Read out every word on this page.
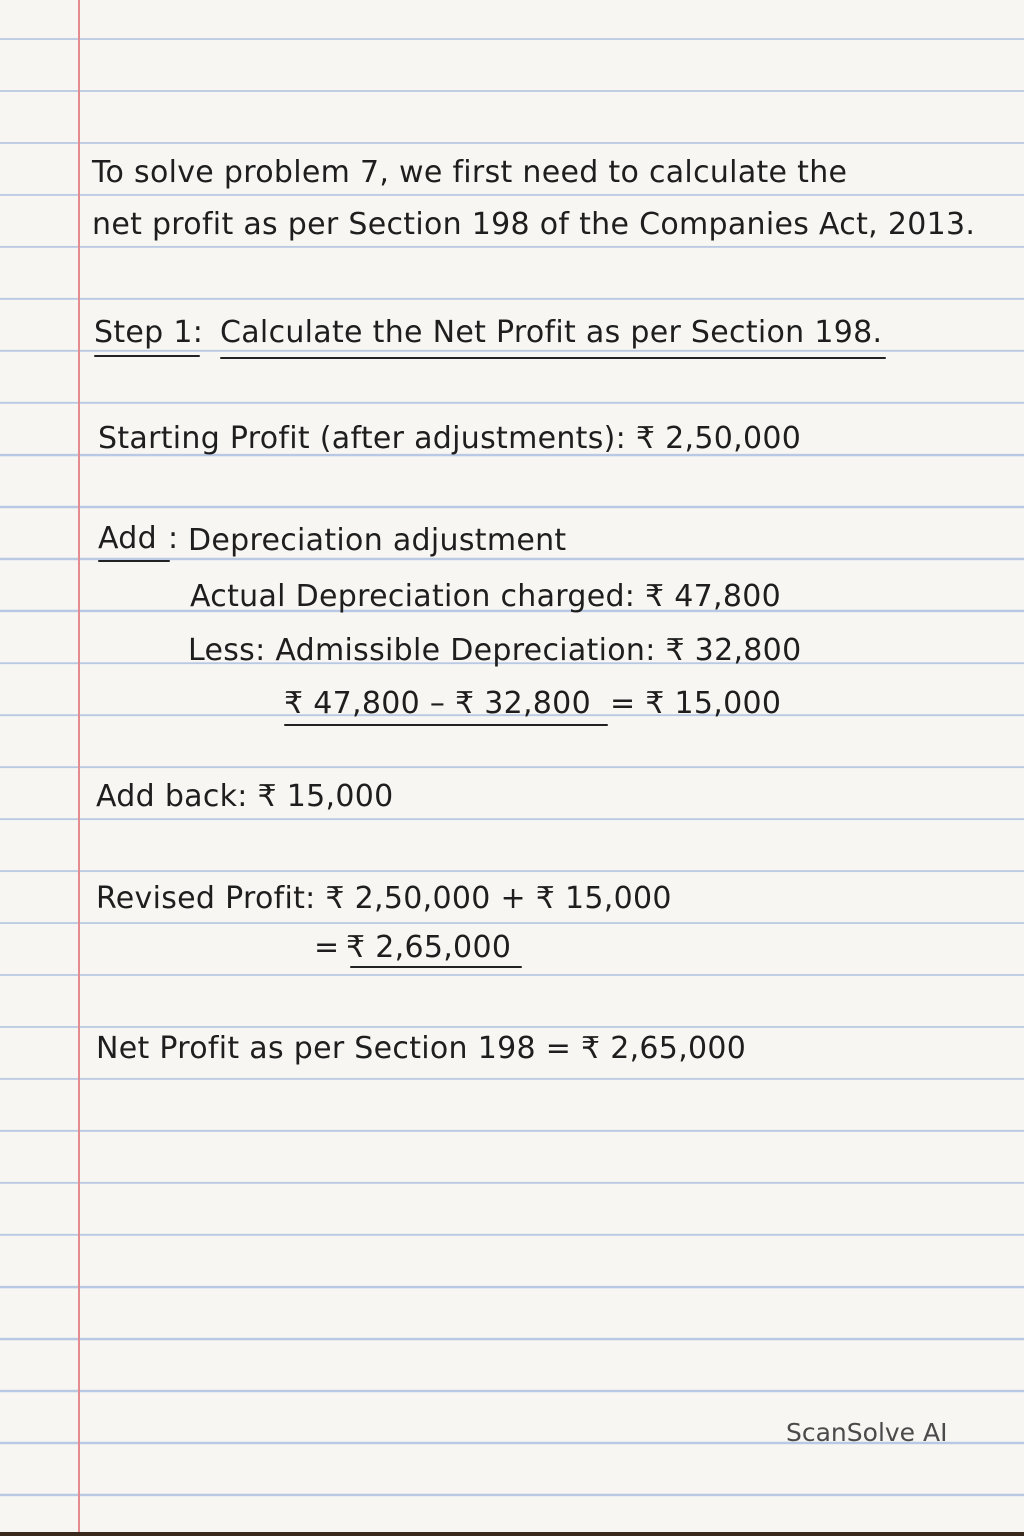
To solve problem 7, we first need to calculate the
net profit as per Section 198 of the Companies Act, 2013.
Step 1: Calculate the Net Profit as per Section 198.
Starting Profit (after adjustments): ₹ 2,50,000
Add : Depreciation adjustment
Actual Depreciation charged: ₹ 47,800
Less: Admissible Depreciation: ₹ 32,800
₹ 47,800 – ₹ 32,800 = ₹ 15,000
Add back: ₹ 15,000
Revised Profit: ₹ 2,50,000 + ₹ 15,000
= ₹ 2,65,000
Net Profit as per Section 198 = ₹ 2,65,000
ScanSolve AI
